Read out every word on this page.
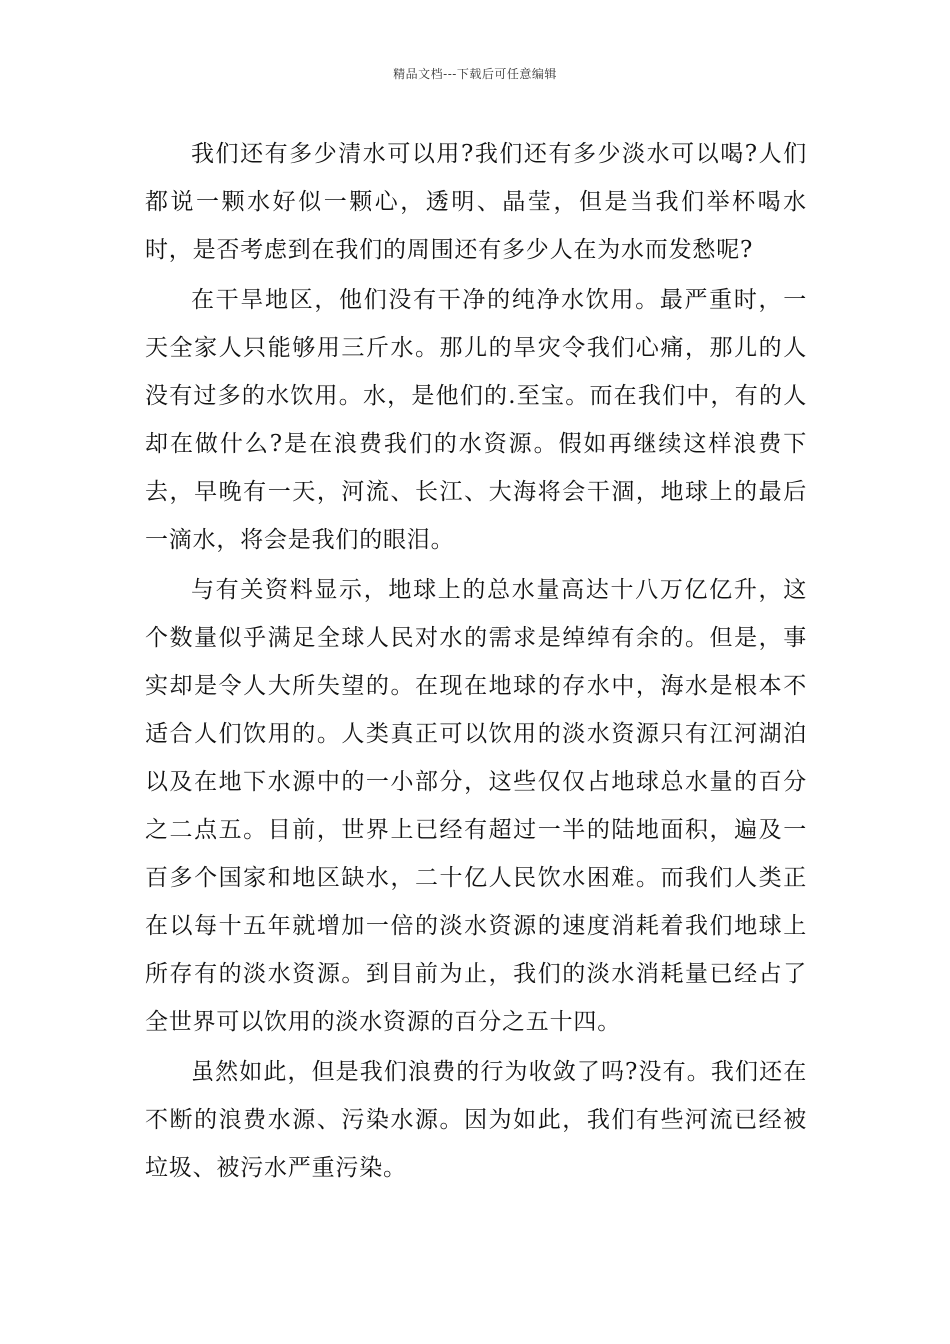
精品文档---下载后可任意编辑

我们还有多少清水可以用?我们还有多少淡水可以喝?人们都说一颗水好似一颗心，透明、晶莹，但是当我们举杯喝水时，是否考虑到在我们的周围还有多少人在为水而发愁呢?

在干旱地区，他们没有干净的纯净水饮用。最严重时，一天全家人只能够用三斤水。那儿的旱灾令我们心痛，那儿的人没有过多的水饮用。水，是他们的.至宝。而在我们中，有的人却在做什么?是在浪费我们的水资源。假如再继续这样浪费下去，早晚有一天，河流、长江、大海将会干涸，地球上的最后一滴水，将会是我们的眼泪。

与有关资料显示，地球上的总水量高达十八万亿亿升，这个数量似乎满足全球人民对水的需求是绰绰有余的。但是，事实却是令人大所失望的。在现在地球的存水中，海水是根本不适合人们饮用的。人类真正可以饮用的淡水资源只有江河湖泊以及在地下水源中的一小部分，这些仅仅占地球总水量的百分之二点五。目前，世界上已经有超过一半的陆地面积，遍及一百多个国家和地区缺水，二十亿人民饮水困难。而我们人类正在以每十五年就增加一倍的淡水资源的速度消耗着我们地球上所存有的淡水资源。到目前为止，我们的淡水消耗量已经占了全世界可以饮用的淡水资源的百分之五十四。

虽然如此，但是我们浪费的行为收敛了吗?没有。我们还在不断的浪费水源、污染水源。因为如此，我们有些河流已经被垃圾、被污水严重污染。
